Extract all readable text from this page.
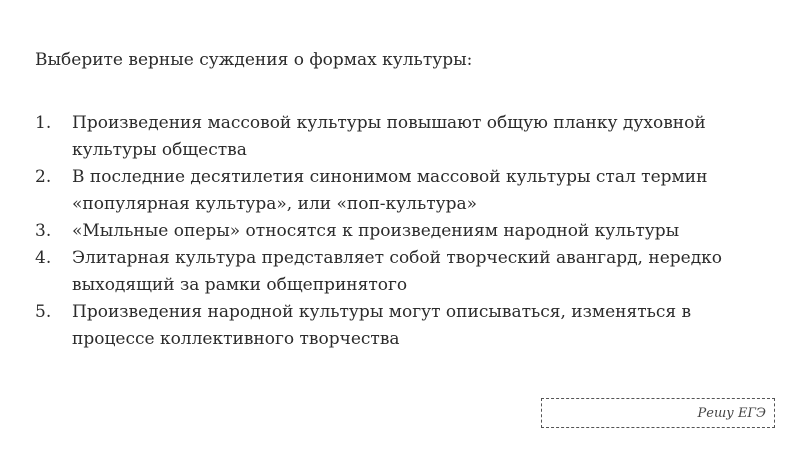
Выберите верные суждения о формах культуры:

1.	Произведения массовой культуры повышают общую планку духовной культуры общества
2.	В последние десятилетия синонимом массовой культуры стал термин «популярная культура», или «поп-культура»
3.	«Мыльные оперы» относятся к произведениям народной культуры
4.	Элитарная культура представляет собой творческий авангард, нередко выходящий за рамки общепринятого
5.	Произведения народной культуры могут описываться, изменяться в процессе коллективного творчества
Решу ЕГЭ
